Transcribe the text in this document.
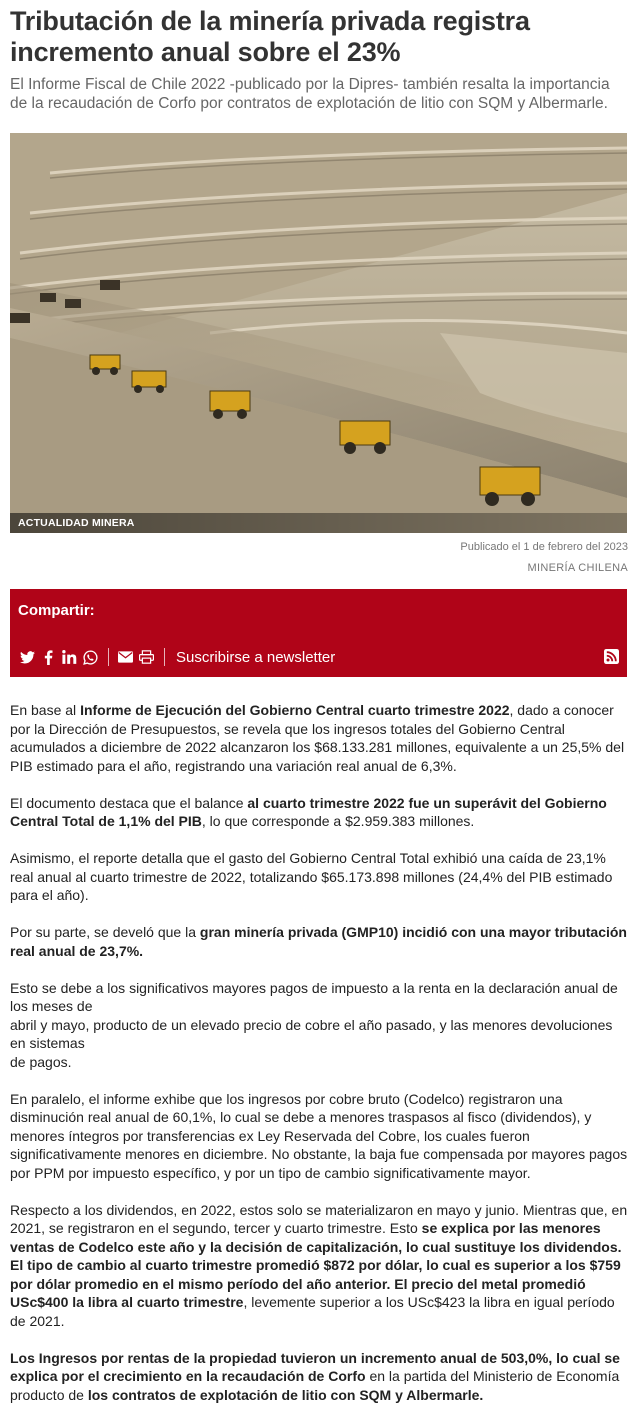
Tributación de la minería privada registra incremento anual sobre el 23%
El Informe Fiscal de Chile 2022 -publicado por la Dipres- también resalta la importancia de la recaudación de Corfo por contratos de explotación de litio con SQM y Albermarle.
ACTUALIDAD MINERA
Publicado el 1 de febrero del 2023
MINERÍA CHILENA
Compartir:
Suscribirse a newsletter

En base al Informe de Ejecución del Gobierno Central cuarto trimestre 2022, dado a conocer por la Dirección de Presupuestos, se revela que los ingresos totales del Gobierno Central acumulados a diciembre de 2022 alcanzaron los $68.133.281 millones, equivalente a un 25,5% del PIB estimado para el año, registrando una variación real anual de 6,3%.

El documento destaca que el balance al cuarto trimestre 2022 fue un superávit del Gobierno Central Total de 1,1% del PIB, lo que corresponde a $2.959.383 millones.

Asimismo, el reporte detalla que el gasto del Gobierno Central Total exhibió una caída de 23,1% real anual al cuarto trimestre de 2022, totalizando $65.173.898 millones (24,4% del PIB estimado para el año).

Por su parte, se develó que la gran minería privada (GMP10) incidió con una mayor tributación real anual de 23,7%.

Esto se debe a los significativos mayores pagos de impuesto a la renta en la declaración anual de los meses de
abril y mayo, producto de un elevado precio de cobre el año pasado, y las menores devoluciones en sistemas
de pagos.

En paralelo, el informe exhibe que los ingresos por cobre bruto (Codelco) registraron una disminución real anual de 60,1%, lo cual se debe a menores traspasos al fisco (dividendos), y menores íntegros por transferencias ex Ley Reservada del Cobre, los cuales fueron significativamente menores en diciembre. No obstante, la baja fue compensada por mayores pagos por PPM por impuesto específico, y por un tipo de cambio significativamente mayor.

Respecto a los dividendos, en 2022, estos solo se materializaron en mayo y junio. Mientras que, en 2021, se registraron en el segundo, tercer y cuarto trimestre. Esto se explica por las menores ventas de Codelco este año y la decisión de capitalización, lo cual sustituye los dividendos. El tipo de cambio al cuarto trimestre promedió $872 por dólar, lo cual es superior a los $759 por dólar promedio en el mismo período del año anterior. El precio del metal promedió USc$400 la libra al cuarto trimestre, levemente superior a los USc$423 la libra en igual período de 2021.

Los Ingresos por rentas de la propiedad tuvieron un incremento anual de 503,0%, lo cual se explica por el crecimiento en la recaudación de Corfo en la partida del Ministerio de Economía producto de los contratos de explotación de litio con SQM y Albermarle.
